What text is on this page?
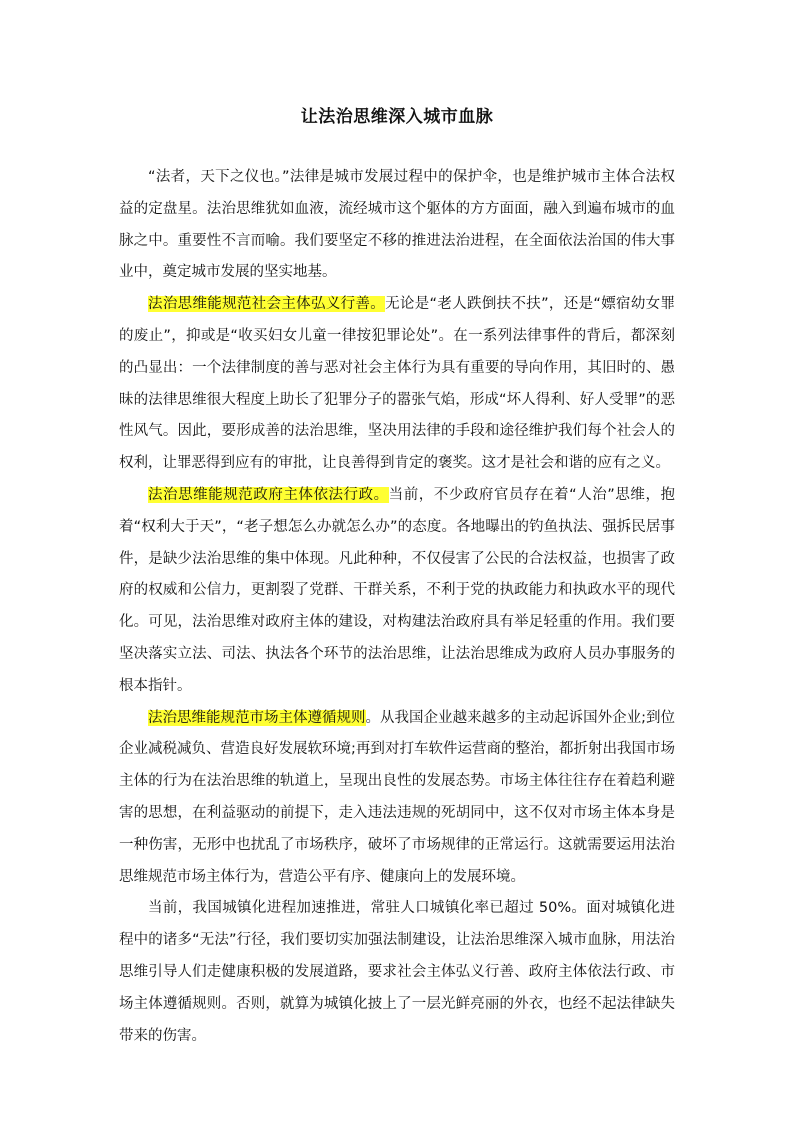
让法治思维深入城市血脉

“法者，天下之仪也。”法律是城市发展过程中的保护伞，也是维护城市主体合法权益的定盘星。法治思维犹如血液，流经城市这个躯体的方方面面，融入到遍布城市的血脉之中。重要性不言而喻。我们要坚定不移的推进法治进程，在全面依法治国的伟大事业中，奠定城市发展的坚实地基。

法治思维能规范社会主体弘义行善。无论是“老人跌倒扶不扶”，还是“嫖宿幼女罪的废止”，抑或是“收买妇女儿童一律按犯罪论处”。在一系列法律事件的背后，都深刻的凸显出：一个法律制度的善与恶对社会主体行为具有重要的导向作用，其旧时的、愚昧的法律思维很大程度上助长了犯罪分子的嚣张气焰，形成“坏人得利、好人受罪”的恶性风气。因此，要形成善的法治思维，坚决用法律的手段和途径维护我们每个社会人的权利，让罪恶得到应有的审批，让良善得到肯定的褒奖。这才是社会和谐的应有之义。

法治思维能规范政府主体依法行政。当前，不少政府官员存在着“人治”思维，抱着“权利大于天”，“老子想怎么办就怎么办”的态度。各地曝出的钓鱼执法、强拆民居事件，是缺少法治思维的集中体现。凡此种种，不仅侵害了公民的合法权益，也损害了政府的权威和公信力，更割裂了党群、干群关系，不利于党的执政能力和执政水平的现代化。可见，法治思维对政府主体的建设，对构建法治政府具有举足轻重的作用。我们要坚决落实立法、司法、执法各个环节的法治思维，让法治思维成为政府人员办事服务的根本指针。

法治思维能规范市场主体遵循规则。从我国企业越来越多的主动起诉国外企业;到位企业减税减负、营造良好发展软环境;再到对打车软件运营商的整治，都折射出我国市场主体的行为在法治思维的轨道上，呈现出良性的发展态势。市场主体往往存在着趋利避害的思想，在利益驱动的前提下，走入违法违规的死胡同中，这不仅对市场主体本身是一种伤害，无形中也扰乱了市场秩序，破坏了市场规律的正常运行。这就需要运用法治思维规范市场主体行为，营造公平有序、健康向上的发展环境。

当前，我国城镇化进程加速推进，常驻人口城镇化率已超过 50%。面对城镇化进程中的诸多“无法”行径，我们要切实加强法制建设，让法治思维深入城市血脉，用法治思维引导人们走健康积极的发展道路，要求社会主体弘义行善、政府主体依法行政、市场主体遵循规则。否则，就算为城镇化披上了一层光鲜亮丽的外衣，也经不起法律缺失带来的伤害。
